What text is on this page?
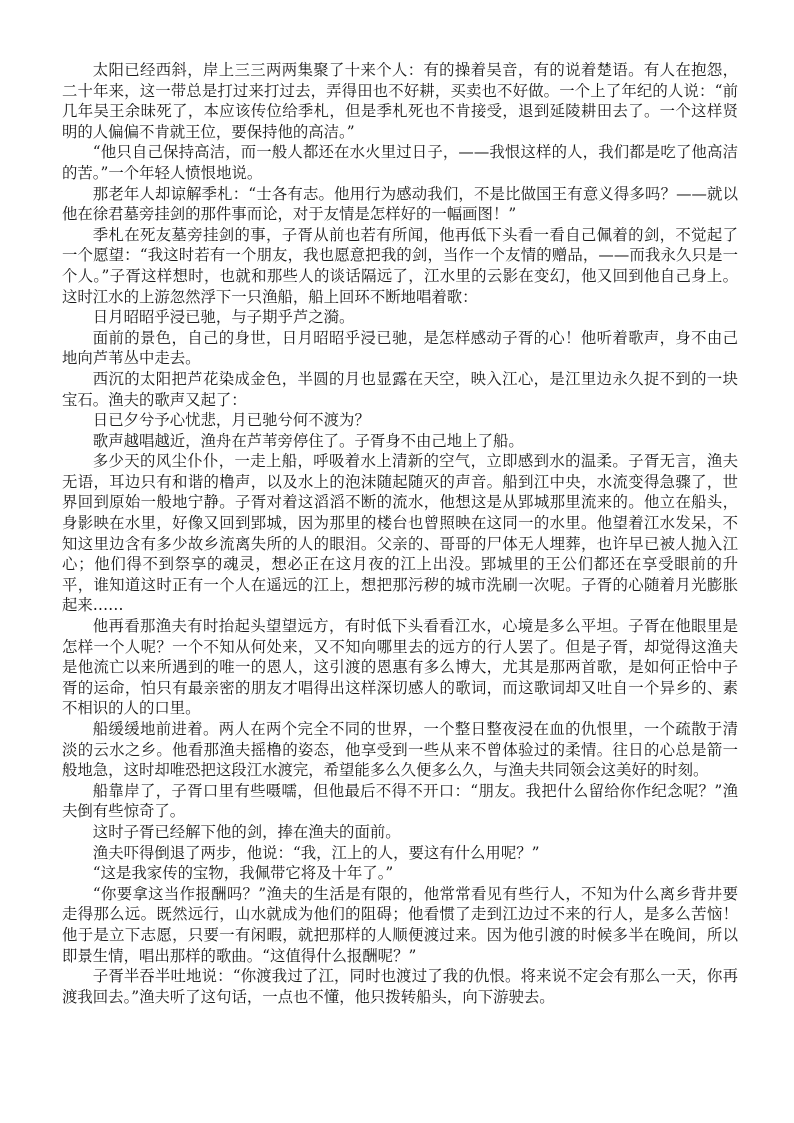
太阳已经西斜，岸上三三两两集聚了十来个人：有的操着吴音，有的说着楚语。有人在抱怨，二十年来，这一带总是打过来打过去，弄得田也不好耕，买卖也不好做。一个上了年纪的人说：“前几年吴王余昧死了，本应该传位给季札，但是季札死也不肯接受，退到延陵耕田去了。一个这样贤明的人偏偏不肯就王位，要保持他的高洁。”

“他只自己保持高洁，而一般人都还在水火里过日子，——我恨这样的人，我们都是吃了他高洁的苦。”一个年轻人愤恨地说。

那老年人却谅解季札：“士各有志。他用行为感动我们，不是比做国王有意义得多吗？——就以他在徐君墓旁挂剑的那件事而论，对于友情是怎样好的一幅画图！”

季札在死友墓旁挂剑的事，子胥从前也若有所闻，他再低下头看一看自己佩着的剑，不觉起了一个愿望：“我这时若有一个朋友，我也愿意把我的剑，当作一个友情的赠品，——而我永久只是一个人。”子胥这样想时，也就和那些人的谈话隔远了，江水里的云影在变幻，他又回到他自己身上。这时江水的上游忽然浮下一只渔船，船上回环不断地唱着歌：

日月昭昭乎浸已驰，与子期乎芦之漪。

面前的景色，自己的身世，日月昭昭乎浸已驰，是怎样感动子胥的心！他听着歌声，身不由己地向芦苇丛中走去。

西沉的太阳把芦花染成金色，半圆的月也显露在天空，映入江心，是江里边永久捉不到的一块宝石。渔夫的歌声又起了：

日已夕兮予心忧悲，月已驰兮何不渡为？

歌声越唱越近，渔舟在芦苇旁停住了。子胥身不由己地上了船。

多少天的风尘仆仆，一走上船，呼吸着水上清新的空气，立即感到水的温柔。子胥无言，渔夫无语，耳边只有和谐的橹声，以及水上的泡沫随起随灭的声音。船到江中央，水流变得急骤了，世界回到原始一般地宁静。子胥对着这滔滔不断的流水，他想这是从郢城那里流来的。他立在船头，身影映在水里，好像又回到郢城，因为那里的楼台也曾照映在这同一的水里。他望着江水发呆，不知这里边含有多少故乡流离失所的人的眼泪。父亲的、哥哥的尸体无人埋葬，也许早已被人抛入江心；他们得不到祭享的魂灵，想必正在这月夜的江上出没。郢城里的王公们都还在享受眼前的升平，谁知道这时正有一个人在遥远的江上，想把那污秽的城市洗刷一次呢。子胥的心随着月光膨胀起来……

他再看那渔夫有时抬起头望望远方，有时低下头看看江水，心境是多么平坦。子胥在他眼里是怎样一个人呢？一个不知从何处来，又不知向哪里去的远方的行人罢了。但是子胥，却觉得这渔夫是他流亡以来所遇到的唯一的恩人，这引渡的恩惠有多么博大，尤其是那两首歌，是如何正恰中子胥的运命，怕只有最亲密的朋友才唱得出这样深切感人的歌词，而这歌词却又吐自一个异乡的、素不相识的人的口里。

船缓缓地前进着。两人在两个完全不同的世界，一个整日整夜浸在血的仇恨里，一个疏散于清淡的云水之乡。他看那渔夫摇橹的姿态，他享受到一些从来不曾体验过的柔情。往日的心总是箭一般地急，这时却唯恐把这段江水渡完，希望能多么久便多么久，与渔夫共同领会这美好的时刻。

船靠岸了，子胥口里有些嗫嚅，但他最后不得不开口：“朋友。我把什么留给你作纪念呢？”渔夫倒有些惊奇了。

这时子胥已经解下他的剑，捧在渔夫的面前。

渔夫吓得倒退了两步，他说：“我，江上的人，要这有什么用呢？”

“这是我家传的宝物，我佩带它将及十年了。”

“你要拿这当作报酬吗？”渔夫的生活是有限的，他常常看见有些行人，不知为什么离乡背井要走得那么远。既然远行，山水就成为他们的阻碍；他看惯了走到江边过不来的行人，是多么苦恼！他于是立下志愿，只要一有闲暇，就把那样的人顺便渡过来。因为他引渡的时候多半在晚间，所以即景生情，唱出那样的歌曲。“这值得什么报酬呢？”

子胥半吞半吐地说：“你渡我过了江，同时也渡过了我的仇恨。将来说不定会有那么一天，你再渡我回去。”渔夫听了这句话，一点也不懂，他只拨转船头，向下游驶去。
